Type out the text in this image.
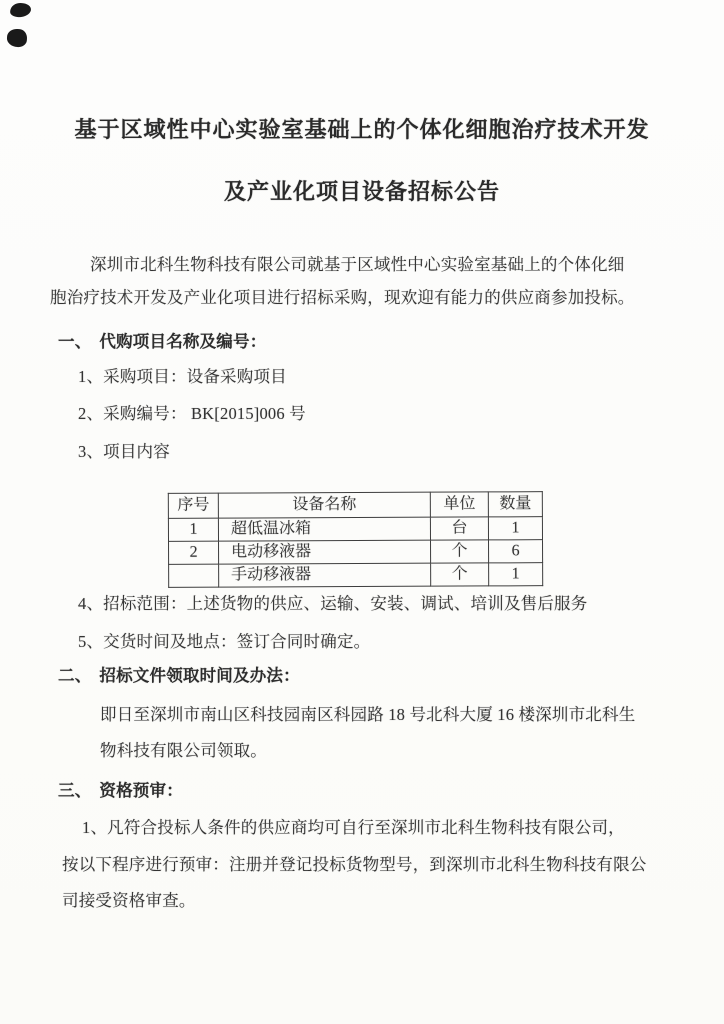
基于区域性中心实验室基础上的个体化细胞治疗技术开发
及产业化项目设备招标公告
深圳市北科生物科技有限公司就基于区域性中心实验室基础上的个体化细
胞治疗技术开发及产业化项目进行招标采购，现欢迎有能力的供应商参加投标。
一、 代购项目名称及编号：
1、采购项目：设备采购项目
2、采购编号： BK[2015]006 号
3、项目内容
序号	设备名称	单位	数量
1	超低温冰箱	台	1
2	电动移液器	个	6
	手动移液器	个	1
4、招标范围：上述货物的供应、运输、安装、调试、培训及售后服务
5、交货时间及地点：签订合同时确定。
二、 招标文件领取时间及办法：
即日至深圳市南山区科技园南区科园路 18 号北科大厦 16 楼深圳市北科生
物科技有限公司领取。
三、 资格预审：
1、凡符合投标人条件的供应商均可自行至深圳市北科生物科技有限公司，
按以下程序进行预审：注册并登记投标货物型号，到深圳市北科生物科技有限公
司接受资格审查。
